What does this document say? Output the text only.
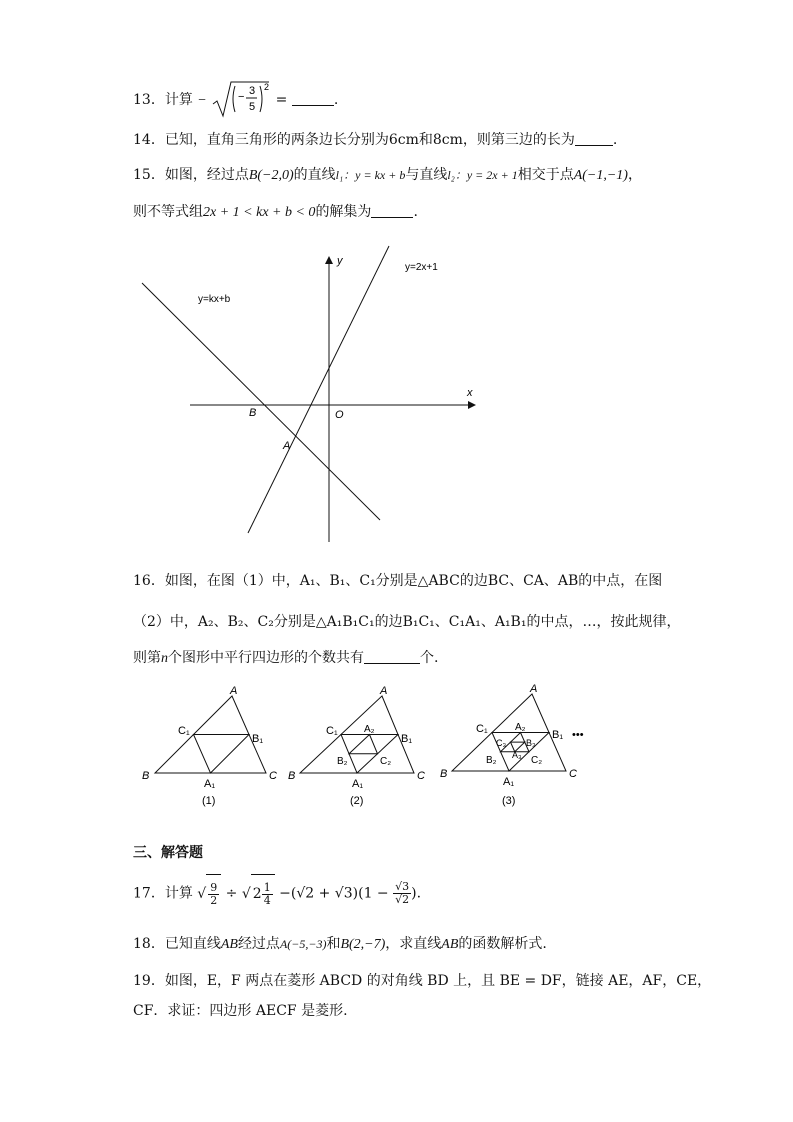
13．计算 −	− 3
5
2
=	.
14．已知，直角三角形的两条边长分别为6cm和8cm，则第三边的长为	.
15．如图，经过点B(−2,0)的直线l₁：y = kx + b与直线l₂：y = 2x + 1相交于点A(−1,−1)，
则不等式组2x + 1 < kx + b < 0的解集为	.
x
y
y=2x+1
y=kx+b
B	O
A
16．如图，在图（1）中，A₁、B₁、C₁分别是△ABC的边BC、CA、AB的中点，在图
（2）中，A₂、B₂、C₂分别是△A₁B₁C₁的边B₁C₁、C₁A₁、A₁B₁的中点，…，按此规律，
则第n个图形中平行四边形的个数共有	个.
A
B	C
C₁
B₁
A₁
(1)
A
B	C
C₁
B₁
A₁
A₂
B₂	C₂
(2)
A
B	C
C₁	B₁
A₁
A₂
B₂	C₂
C₃ B₃
A₃
•••
(3)
三、解答题
17．计算 √ $\frac{9}{2}$ ÷ √ $2 \frac{1}{4} -(√2 + √3)(1 - \frac{√3}{√2}$ ).
18．已知直线AB经过点A(−5,−3)和B(2,−7)，求直线AB的函数解析式.
19．如图，E，F 两点在菱形 ABCD 的对角线 BD 上，且 BE = DF，链接 AE，AF，CE，
CF．求证：四边形 AECF 是菱形.
